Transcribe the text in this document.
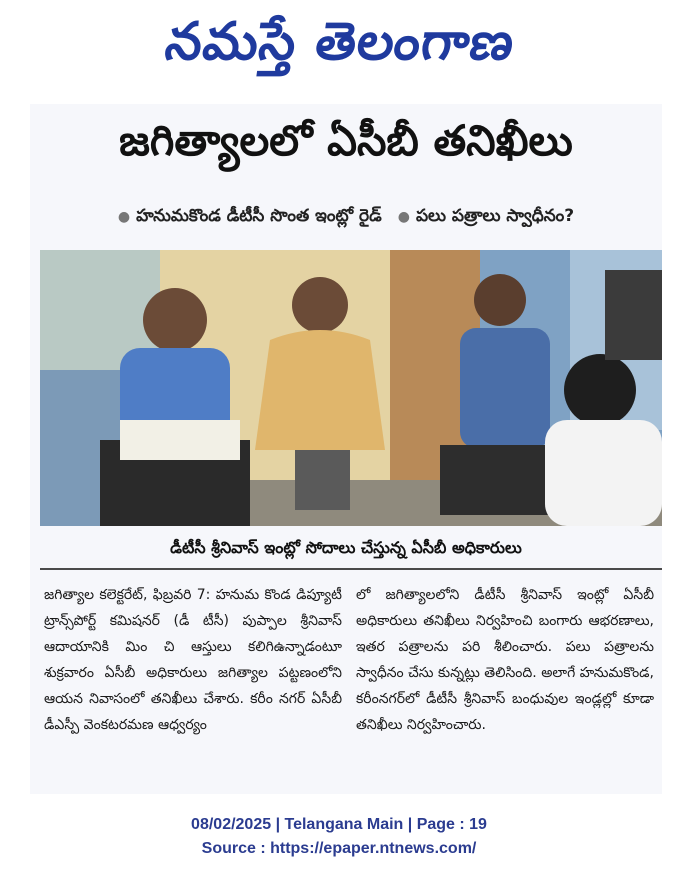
నమస్తే తెలంగాణ
జగిత్యాలలో ఏసీబీ తనిఖీలు
● హనుమకొండ డీటీసీ సొంత ఇంట్లో రైడ్ ● పలు పత్రాలు స్వాధీనం?
డీటీసీ శ్రీనివాస్ ఇంట్లో సోదాలు చేస్తున్న ఏసీబీ అధికారులు
జగిత్యాల కలెక్టరేట్, ఫిబ్రవరి 7: హనుమ కొండ డిప్యూటీ ట్రాన్స్‌పోర్ట్ కమిషనర్ (డీ టీసీ) పుప్పాల శ్రీనివాస్ ఆదాయానికి మిం చి ఆస్తులు కలిగిఉన్నాడంటూ శుక్రవారం ఏసీబీ అధికారులు జగిత్యాల పట్టణంలోని ఆయన నివాసంలో తనిఖీలు చేశారు. కరీం నగర్ ఏసీబీ డీఎస్పీ వెంకటరమణ ఆధ్వర్యం
లో జగిత్యాలలోని డీటీసీ శ్రీనివాస్ ఇంట్లో ఏసీబీ అధికారులు తనిఖీలు నిర్వహించి బంగారు ఆభరణాలు, ఇతర పత్రాలను పరి శీలించారు. పలు పత్రాలను స్వాధీనం చేసు కున్నట్లు తెలిసింది. అలాగే హనుమకొండ, కరీంనగర్‌లో డీటీసీ శ్రీనివాస్ బంధువుల ఇండ్లల్లో కూడా తనిఖీలు నిర్వహించారు.
08/02/2025 | Telangana Main | Page : 19
Source : https://epaper.ntnews.com/
